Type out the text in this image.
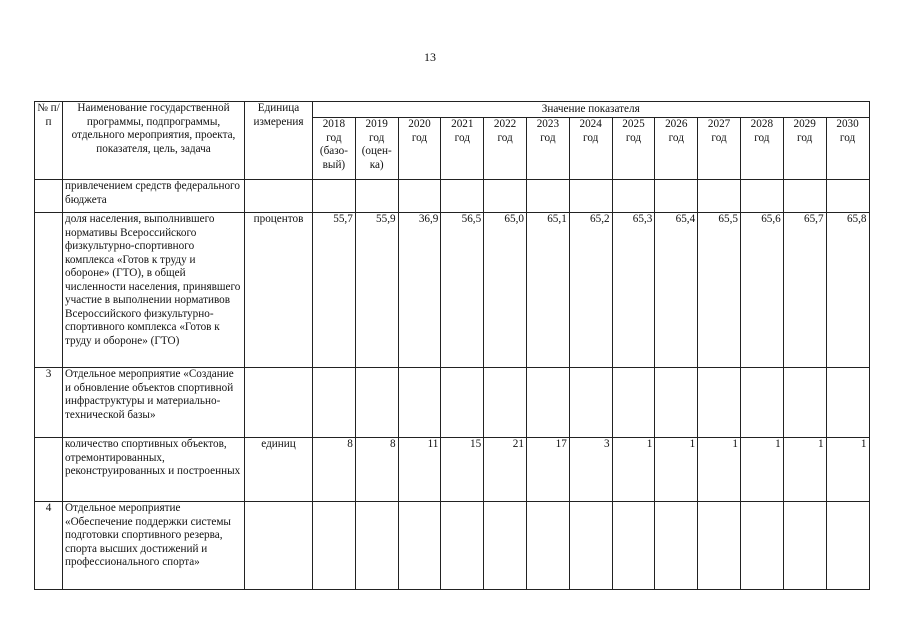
13
№ п/п	Наименование государственной программы, подпрограммы, отдельного мероприятия, проекта, показателя, цель, задача	Единица измерения	Значение показателя												
			2018 год (базо-вый)	2019 год (оцен-ка)	2020 год	2021 год	2022 год	2023 год	2024 год	2025 год	2026 год	2027 год	2028 год	2029 год	2030 год
	привлечением средств федерального бюджета														
	доля населения, выполнившего нормативы Всероссийского физкультурно-спортивного комплекса «Готов к труду и обороне» (ГТО), в общей численности населения, принявшего участие в выполнении нормативов Всероссийского физкультурно-спортивного комплекса «Готов к труду и обороне» (ГТО)	процентов	55,7	55,9	36,9	56,5	65,0	65,1	65,2	65,3	65,4	65,5	65,6	65,7	65,8
3	Отдельное мероприятие «Создание и обновление объектов спортивной инфраструктуры и материально-технической базы»														
	количество спортивных объектов, отремонтированных, реконструированных и построенных	единиц	8	8	11	15	21	17	3	1	1	1	1	1	1
4	Отдельное мероприятие «Обеспечение поддержки системы подготовки спортивного резерва, спорта высших достижений и профессионального спорта»														
